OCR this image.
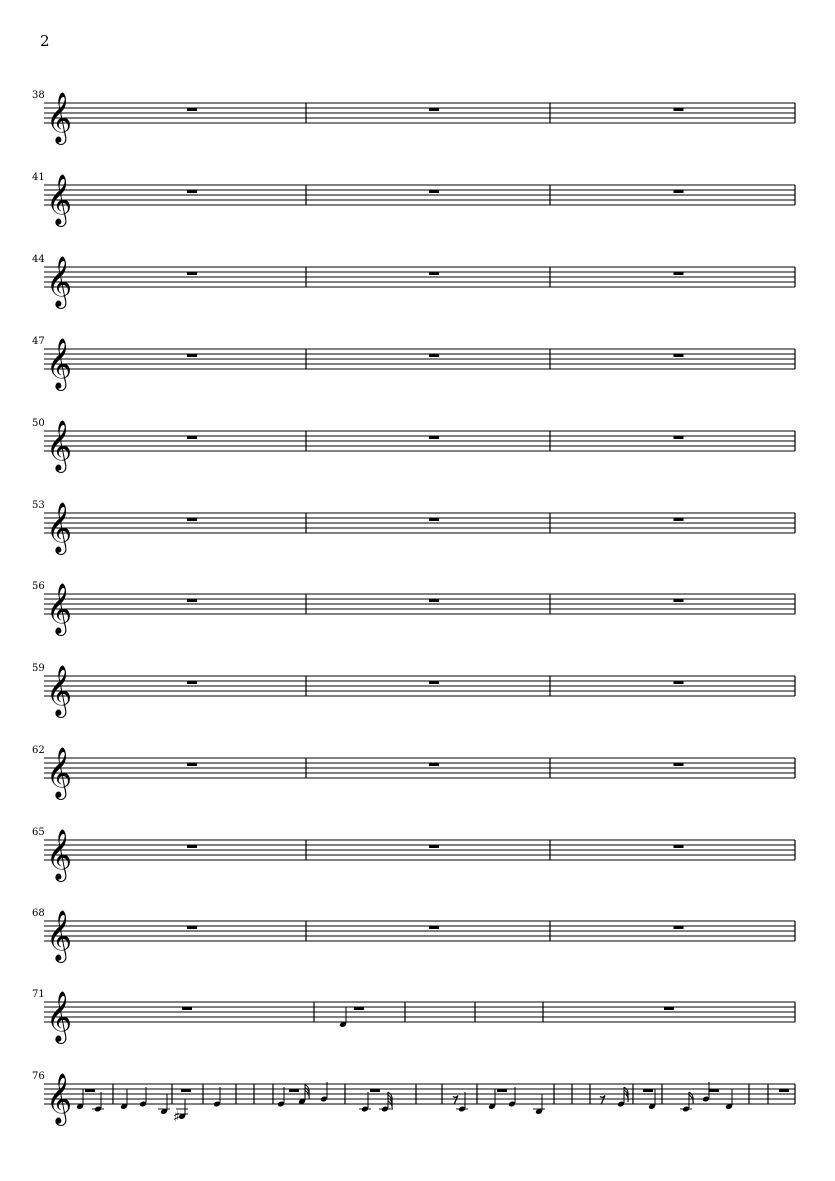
2
𝄞
38
𝄞
41
𝄞
44
𝄞
47
𝄞
50
𝄞
53
𝄞
56
𝄞
59
𝄞
62
𝄞
65
𝄞
68
𝄞
71
𝄞
76
♯
